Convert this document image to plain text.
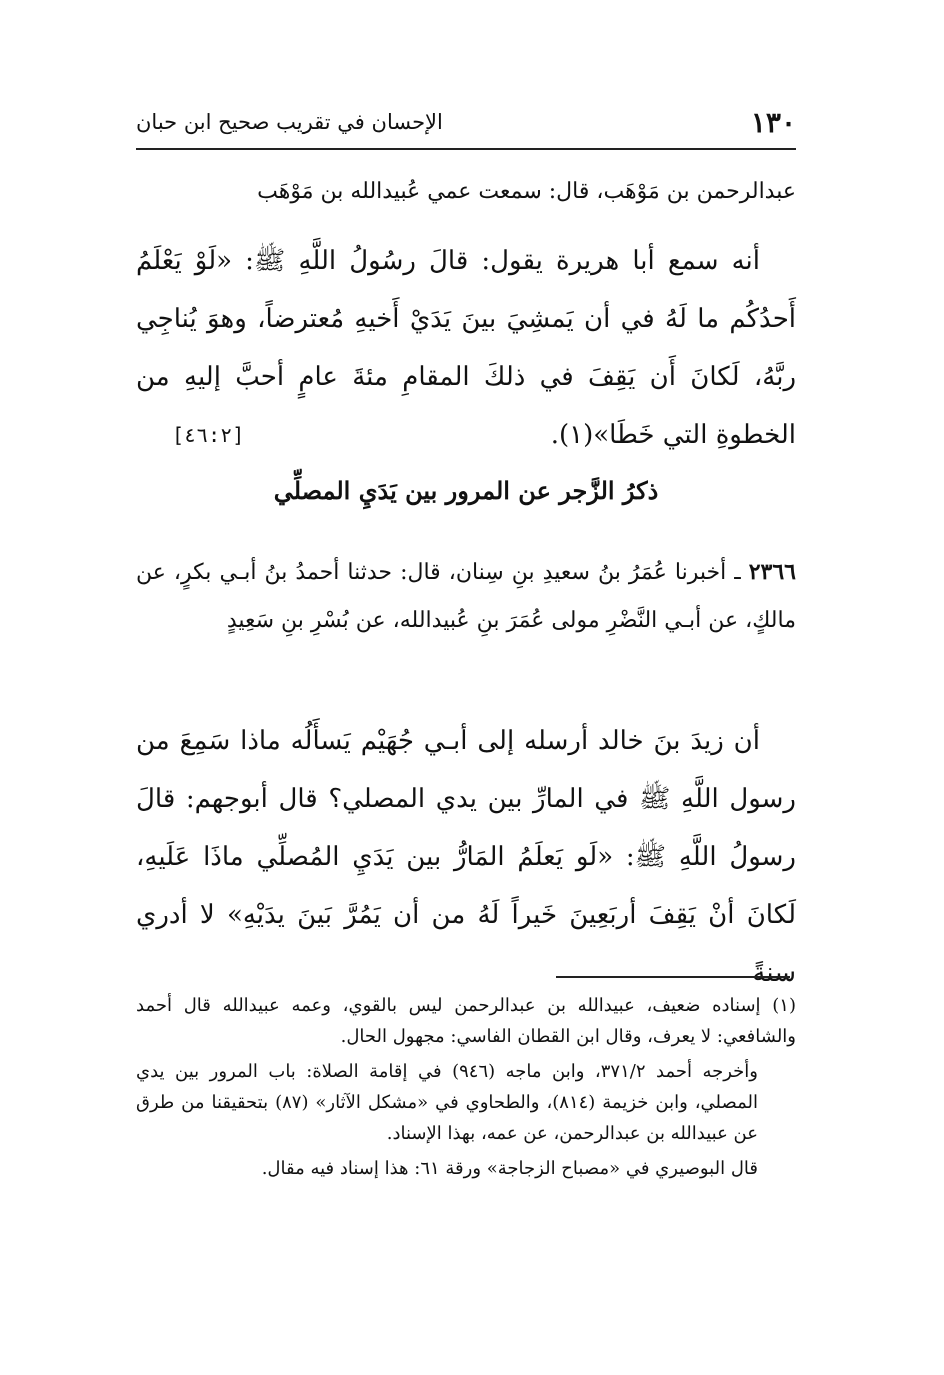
١٣٠
الإحسان في تقريب صحيح ابن حبان
عبدالرحمن بن مَوْهَب، قال: سمعت عمي عُبيدالله بن مَوْهَب
أنه سمع أبا هريرة يقول: قالَ رسُولُ اللَّهِ ﷺ: «لَوْ يَعْلَمُ أَحدُكُم ما لَهُ في أن يَمشِيَ بينَ يَدَيْ أَخيهِ مُعترضاً، وهوَ يُناجِي ربَّهُ، لَكانَ أَن يَقِفَ في ذلكَ المقامِ مئةَ عامٍ أحبَّ إليهِ من الخطوةِ التي خَطَا»(١).
[٤٦:٢]
ذكرُ الزَّجر عن المرور بين يَدَيِ المصلِّي
٢٣٦٦ ـ أخبرنا عُمَرُ بنُ سعيدِ بنِ سِنان، قال: حدثنا أحمدُ بنُ أبـي بكرٍ، عن مالكٍ، عن أبـي النَّضْرِ مولى عُمَرَ بنِ عُبيدالله، عن بُسْرِ بنِ سَعِيدٍ
أن زيدَ بنَ خالد أرسله إلى أبـي جُهَيْم يَسأَلُه ماذا سَمِعَ من رسول اللَّهِ ﷺ في المارِّ بين يدي المصلي؟ قال أبوجهم: قالَ رسولُ اللَّهِ ﷺ: «لَو يَعلَمُ المَارُّ بين يَدَيِ المُصلِّي ماذَا عَلَيهِ، لَكانَ أنْ يَقِفَ أربَعِينَ خَيراً لَهُ من أن يَمُرَّ بَينَ يدَيْهِ» لا أدري سنةً

(١) إسناده ضعيف، عبيدالله بن عبدالرحمن ليس بالقوي، وعمه عبيدالله قال أحمد والشافعي: لا يعرف، وقال ابن القطان الفاسي: مجهول الحال.

وأخرجه أحمد ٣٧١/٢، وابن ماجه (٩٤٦) في إقامة الصلاة: باب المرور بين يدي المصلي، وابن خزيمة (٨١٤)، والطحاوي في «مشكل الآثار» (٨٧) بتحقيقنا من طرق عن عبيدالله بن عبدالرحمن، عن عمه، بهذا الإسناد.

قال البوصيري في «مصباح الزجاجة» ورقة ٦١: هذا إسناد فيه مقال.
